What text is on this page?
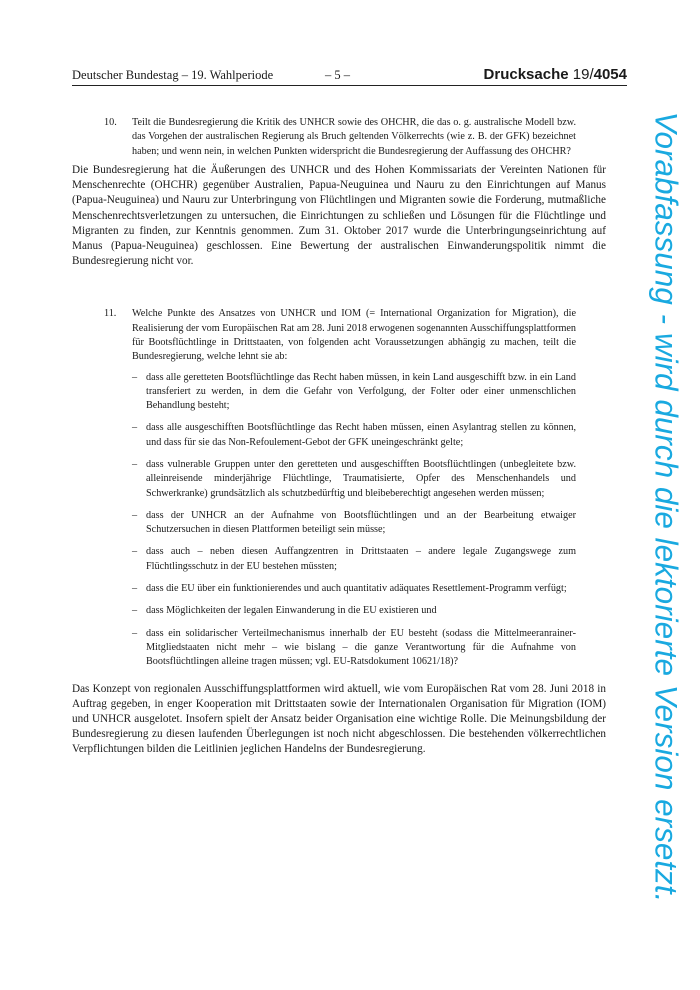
Deutscher Bundestag – 19. Wahlperiode	– 5 –	Drucksache 19/4054
10. Teilt die Bundesregierung die Kritik des UNHCR sowie des OHCHR, die das o. g. australische Modell bzw. das Vorgehen der australischen Regierung als Bruch geltenden Völkerrechts (wie z. B. der GFK) bezeichnet haben; und wenn nein, in welchen Punkten widerspricht die Bundesregierung der Auffassung des OHCHR?

Die Bundesregierung hat die Äußerungen des UNHCR und des Hohen Kommissariats der Vereinten Nationen für Menschenrechte (OHCHR) gegenüber Australien, Papua-Neuguinea und Nauru zu den Einrichtungen auf Manus (Papua-Neuguinea) und Nauru zur Unterbringung von Flüchtlingen und Migranten sowie die Forderung, mutmaßliche Menschenrechtsverletzungen zu untersuchen, die Einrichtungen zu schließen und Lösungen für die Flüchtlinge und Migranten zu finden, zur Kenntnis genommen. Zum 31. Oktober 2017 wurde die Unterbringungseinrichtung auf Manus (Papua-Neuguinea) geschlossen. Eine Bewertung der australischen Einwanderungspolitik nimmt die Bundesregierung nicht vor.

11. Welche Punkte des Ansatzes von UNHCR und IOM (= International Organization for Migration), die Realisierung der vom Europäischen Rat am 28. Juni 2018 erwogenen sogenannten Ausschiffungsplattformen für Bootsflüchtlinge in Drittstaaten, von folgenden acht Voraussetzungen abhängig zu machen, teilt die Bundesregierung, welche lehnt sie ab:
– dass alle geretteten Bootsflüchtlinge das Recht haben müssen, in kein Land ausgeschifft bzw. in ein Land transferiert zu werden, in dem die Gefahr von Verfolgung, der Folter oder einer unmenschlichen Behandlung besteht;
– dass alle ausgeschifften Bootsflüchtlinge das Recht haben müssen, einen Asylantrag stellen zu können, und dass für sie das Non-Refoulement-Gebot der GFK uneingeschränkt gelte;
– dass vulnerable Gruppen unter den geretteten und ausgeschifften Bootsflüchtlingen (unbegleitete bzw. alleinreisende minderjährige Flüchtlinge, Traumatisierte, Opfer des Menschenhandels und Schwerkranke) grundsätzlich als schutzbedürftig und bleibeberechtigt angesehen werden müssen;
– dass der UNHCR an der Aufnahme von Bootsflüchtlingen und an der Bearbeitung etwaiger Schutzersuchen in diesen Plattformen beteiligt sein müsse;
– dass auch – neben diesen Auffangzentren in Drittstaaten – andere legale Zugangswege zum Flüchtlingsschutz in der EU bestehen müssten;
– dass die EU über ein funktionierendes und auch quantitativ adäquates Resettlement-Programm verfügt;
– dass Möglichkeiten der legalen Einwanderung in die EU existieren und
– dass ein solidarischer Verteilmechanismus innerhalb der EU besteht (sodass die Mittelmeeranrainer-Mitgliedstaaten nicht mehr – wie bislang – die ganze Verantwortung für die Aufnahme von Bootsflüchtlingen alleine tragen müssen; vgl. EU-Ratsdokument 10621/18)?

Das Konzept von regionalen Ausschiffungsplattformen wird aktuell, wie vom Europäischen Rat vom 28. Juni 2018 in Auftrag gegeben, in enger Kooperation mit Drittstaaten sowie der Internationalen Organisation für Migration (IOM) und UNHCR ausgelotet. Insofern spielt der Ansatz beider Organisation eine wichtige Rolle. Die Meinungsbildung der Bundesregierung zu diesen laufenden Überlegungen ist noch nicht abgeschlossen. Die bestehenden völkerrechtlichen Verpflichtungen bilden die Leitlinien jeglichen Handelns der Bundesregierung.	Vorabfassung - wird durch die lektorierte Version ersetzt.
